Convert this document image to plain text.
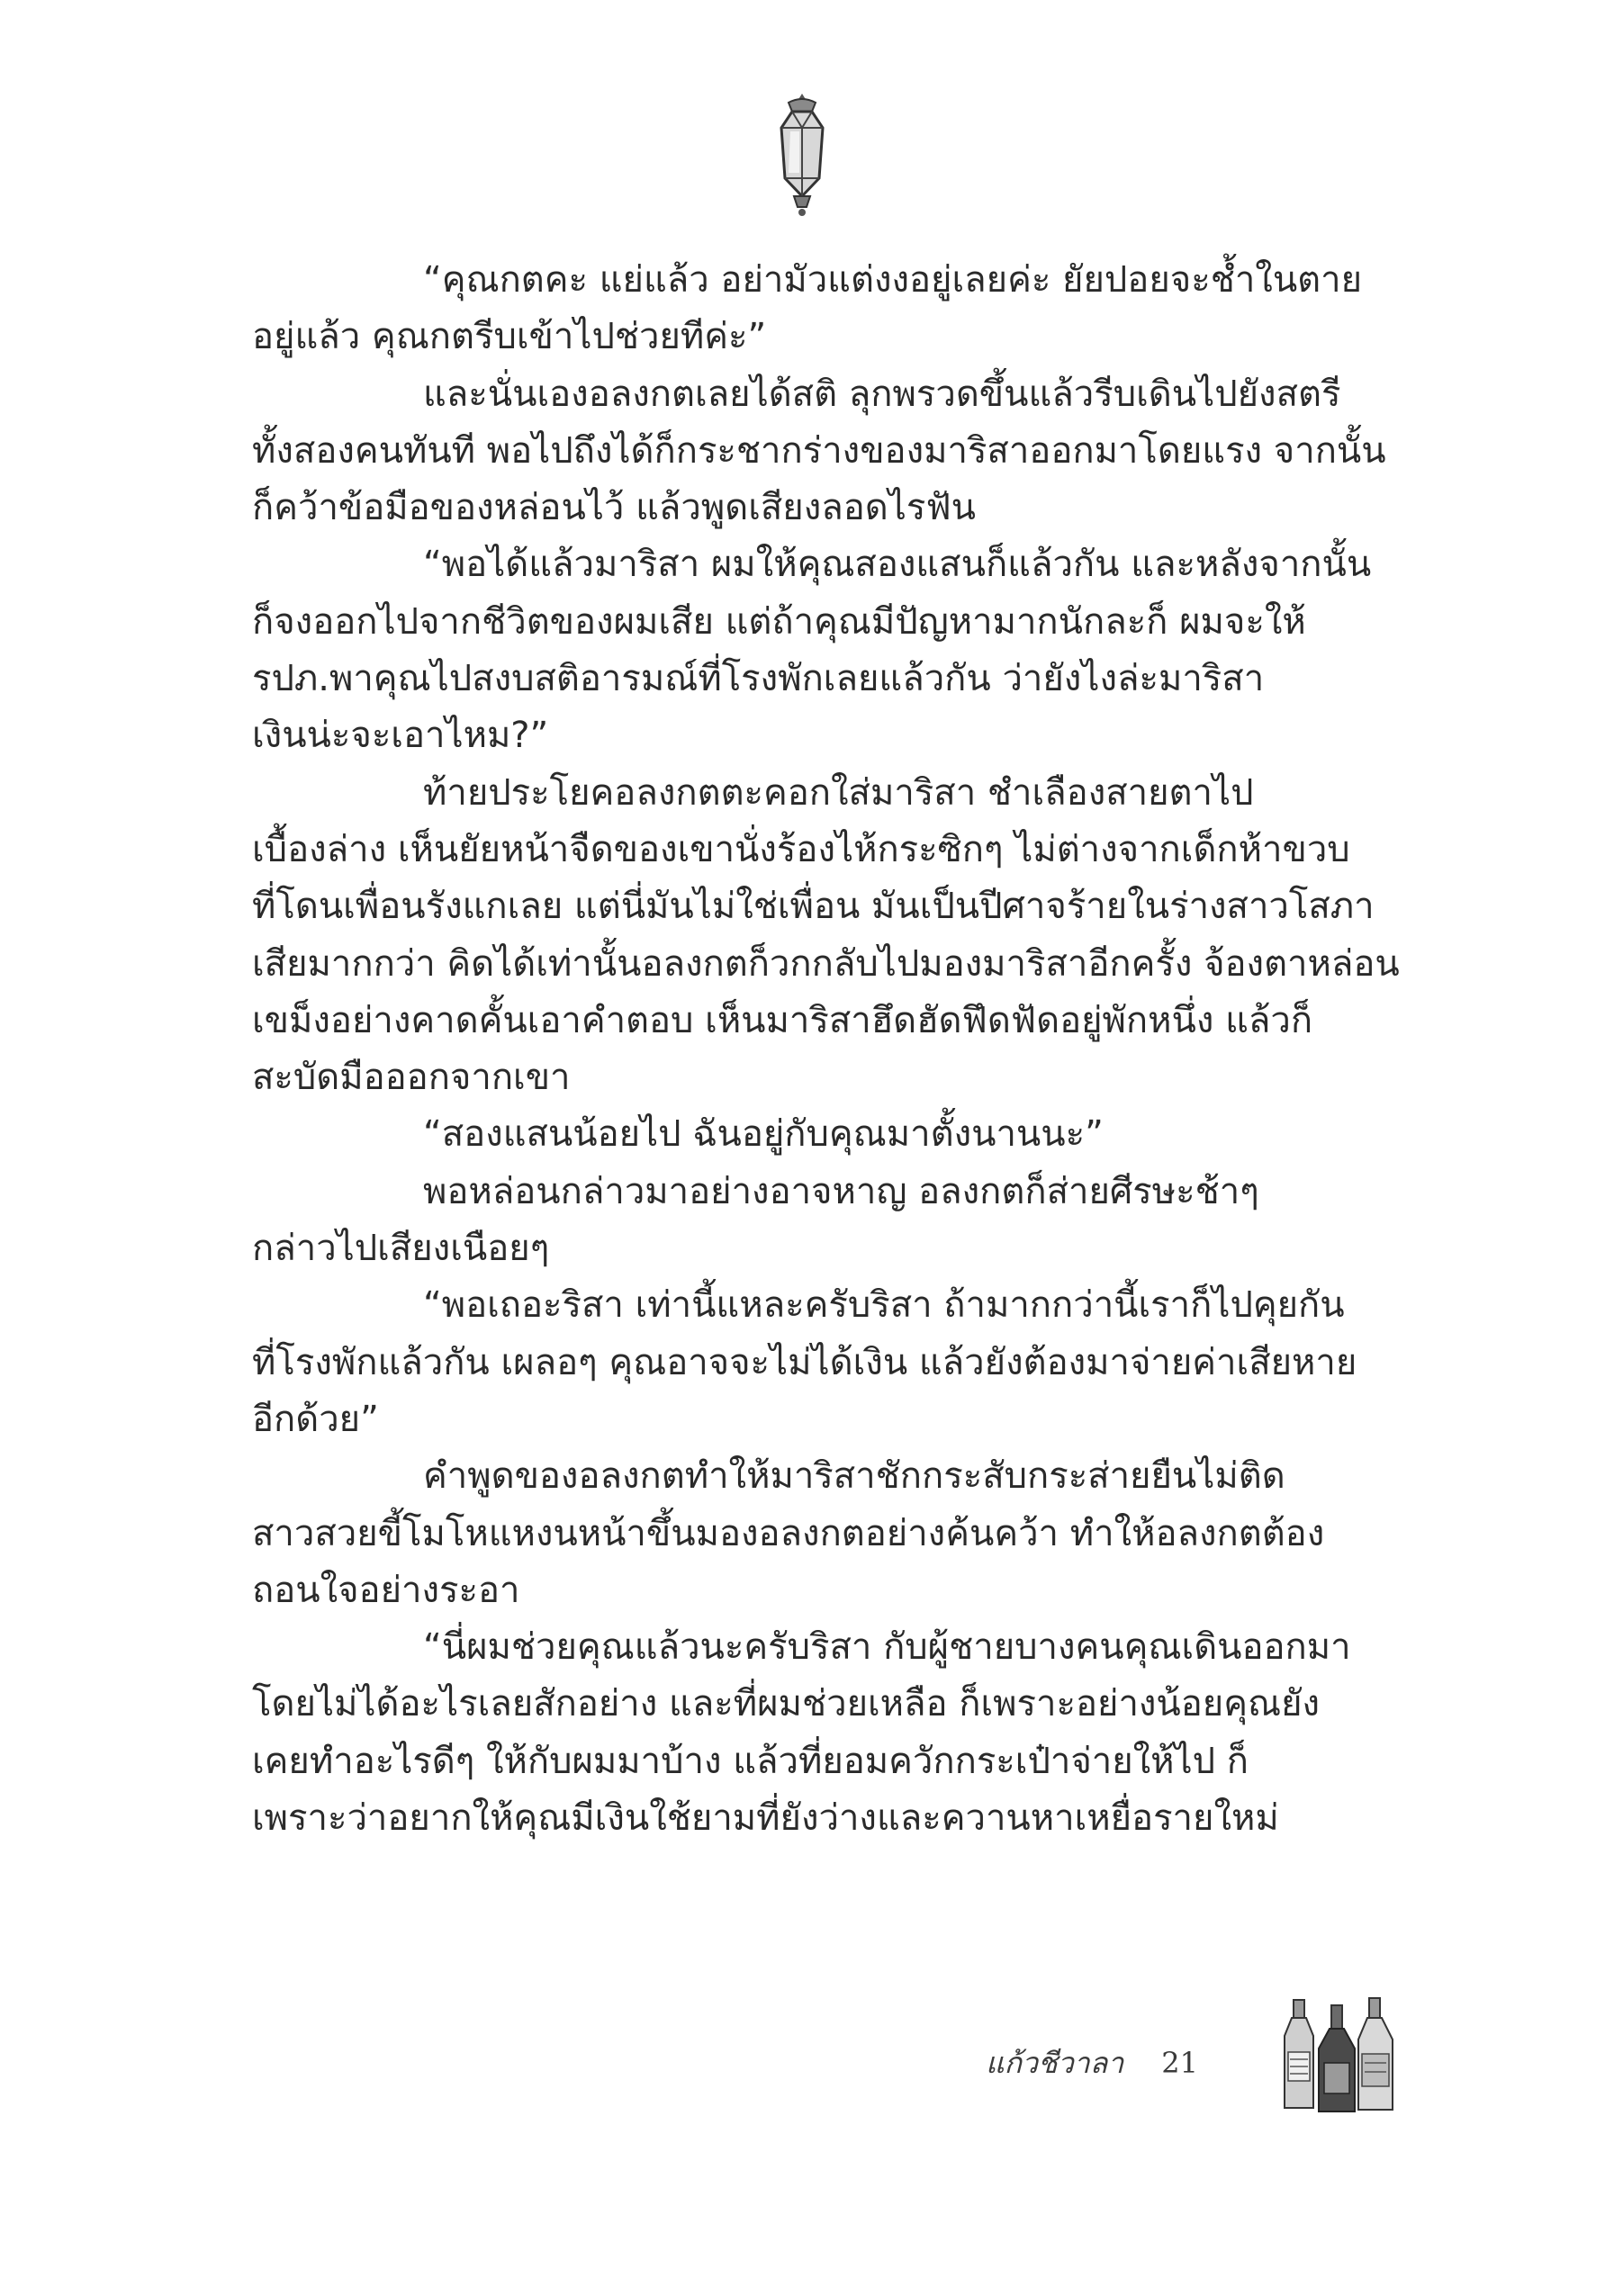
“คุณกตคะ แย่แล้ว อย่ามัวแต่งงอยู่เลยค่ะ ยัยปอยจะช้ำในตาย
อยู่แล้ว คุณกตรีบเข้าไปช่วยทีค่ะ”
และนั่นเองอลงกตเลยได้สติ ลุกพรวดขึ้นแล้วรีบเดินไปยังสตรี
ทั้งสองคนทันที พอไปถึงได้ก็กระชากร่างของมาริสาออกมาโดยแรง จากนั้น
ก็คว้าข้อมือของหล่อนไว้ แล้วพูดเสียงลอดไรฟัน
“พอได้แล้วมาริสา ผมให้คุณสองแสนก็แล้วกัน และหลังจากนั้น
ก็จงออกไปจากชีวิตของผมเสีย แต่ถ้าคุณมีปัญหามากนักละก็ ผมจะให้
รปภ.พาคุณไปสงบสติอารมณ์ที่โรงพักเลยแล้วกัน ว่ายังไงล่ะมาริสา
เงินน่ะจะเอาไหม?”
ท้ายประโยคอลงกตตะคอกใส่มาริสา ชำเลืองสายตาไป
เบื้องล่าง เห็นยัยหน้าจืดของเขานั่งร้องไห้กระซิกๆ ไม่ต่างจากเด็กห้าขวบ
ที่โดนเพื่อนรังแกเลย แต่นี่มันไม่ใช่เพื่อน มันเป็นปีศาจร้ายในร่างสาวโสภา
เสียมากกว่า คิดได้เท่านั้นอลงกตก็วกกลับไปมองมาริสาอีกครั้ง จ้องตาหล่อน
เขม็งอย่างคาดคั้นเอาคำตอบ เห็นมาริสาฮึดฮัดฟึดฟัดอยู่พักหนึ่ง แล้วก็
สะบัดมือออกจากเขา
“สองแสนน้อยไป ฉันอยู่กับคุณมาตั้งนานนะ”
พอหล่อนกล่าวมาอย่างอาจหาญ อลงกตก็ส่ายศีรษะช้าๆ
กล่าวไปเสียงเนือยๆ
“พอเถอะริสา เท่านี้แหละครับริสา ถ้ามากกว่านี้เราก็ไปคุยกัน
ที่โรงพักแล้วกัน เผลอๆ คุณอาจจะไม่ได้เงิน แล้วยังต้องมาจ่ายค่าเสียหาย
อีกด้วย”
คำพูดของอลงกตทำให้มาริสาชักกระสับกระส่ายยืนไม่ติด
สาวสวยขี้โมโหแหงนหน้าขึ้นมองอลงกตอย่างค้นคว้า ทำให้อลงกตต้อง
ถอนใจอย่างระอา
“นี่ผมช่วยคุณแล้วนะครับริสา กับผู้ชายบางคนคุณเดินออกมา
โดยไม่ได้อะไรเลยสักอย่าง และที่ผมช่วยเหลือ ก็เพราะอย่างน้อยคุณยัง
เคยทำอะไรดีๆ ให้กับผมมาบ้าง แล้วที่ยอมควักกระเป๋าจ่ายให้ไป ก็
เพราะว่าอยากให้คุณมีเงินใช้ยามที่ยังว่างและควานหาเหยื่อรายใหม่
แก้วชีวาลา 21
